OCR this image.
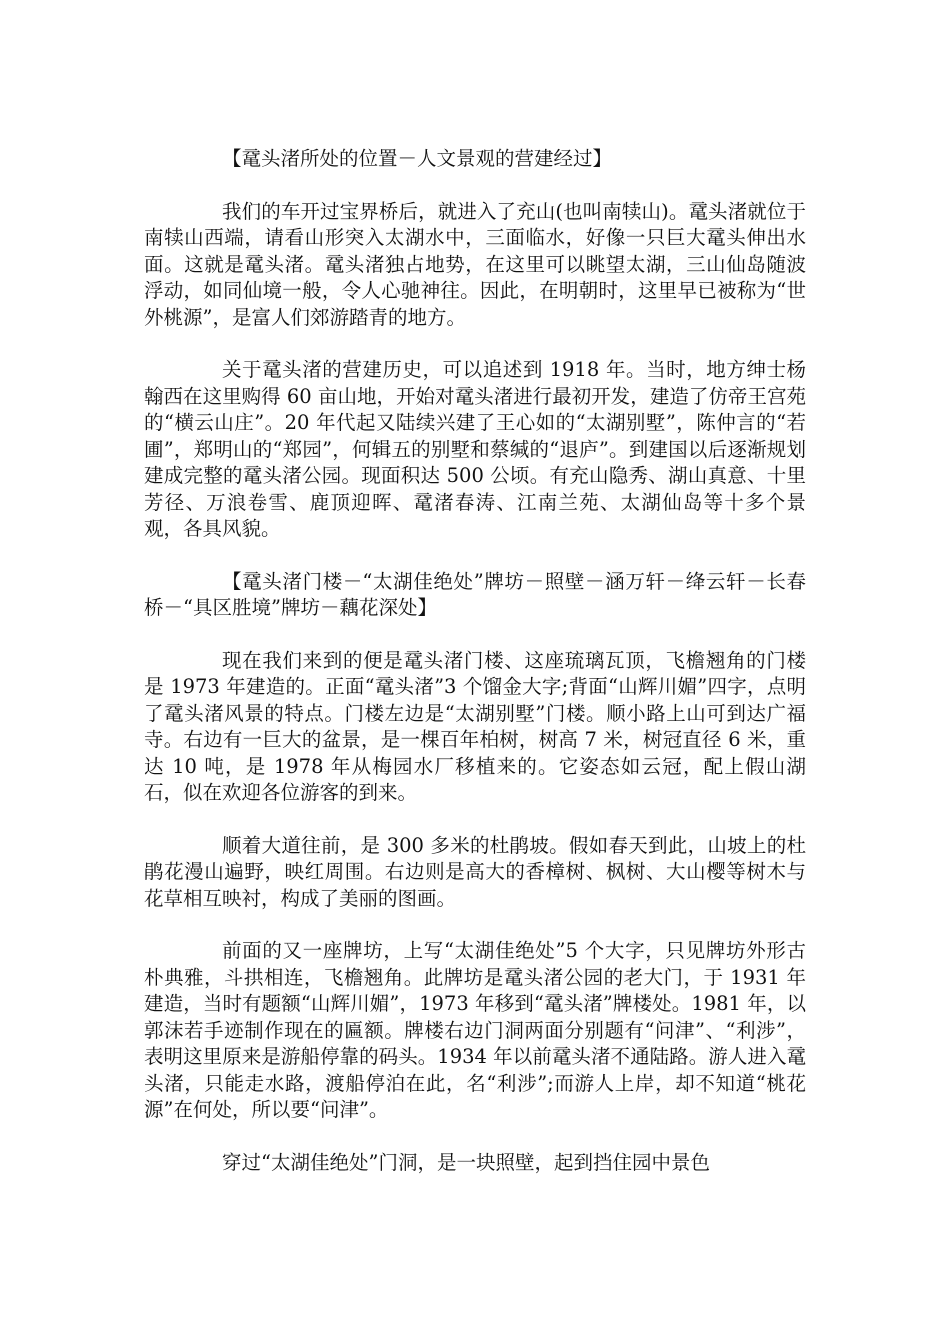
【鼋头渚所处的位置－人文景观的营建经过】

我们的车开过宝界桥后，就进入了充山(也叫南犊山)。鼋头渚就位于南犊山西端，请看山形突入太湖水中，三面临水，好像一只巨大鼋头伸出水面。这就是鼋头渚。鼋头渚独占地势，在这里可以眺望太湖，三山仙岛随波浮动，如同仙境一般，令人心驰神往。因此，在明朝时，这里早已被称为“世外桃源”，是富人们郊游踏青的地方。

关于鼋头渚的营建历史，可以追述到 1918 年。当时，地方绅士杨翰西在这里购得 60 亩山地，开始对鼋头渚进行最初开发，建造了仿帝王宫苑的“横云山庄”。20 年代起又陆续兴建了王心如的“太湖别墅”，陈仲言的“若圃”，郑明山的“郑园”，何辑五的别墅和蔡缄的“退庐”。到建国以后逐渐规划建成完整的鼋头渚公园。现面积达 500 公顷。有充山隐秀、湖山真意、十里芳径、万浪卷雪、鹿顶迎晖、鼋渚春涛、江南兰苑、太湖仙岛等十多个景观，各具风貌。

【鼋头渚门楼－“太湖佳绝处”牌坊－照壁－涵万轩－绛云轩－长春桥－“具区胜境”牌坊－藕花深处】

现在我们来到的便是鼋头渚门楼、这座琉璃瓦顶，飞檐翘角的门楼是 1973 年建造的。正面“鼋头渚”3 个馏金大字;背面“山辉川媚”四字，点明了鼋头渚风景的特点。门楼左边是“太湖别墅”门楼。顺小路上山可到达广福寺。右边有一巨大的盆景，是一棵百年柏树，树高 7 米，树冠直径 6 米，重达 10 吨，是 1978 年从梅园水厂移植来的。它姿态如云冠，配上假山湖石，似在欢迎各位游客的到来。

顺着大道往前，是 300 多米的杜鹃坡。假如春天到此，山坡上的杜鹃花漫山遍野，映红周围。右边则是高大的香樟树、枫树、大山樱等树木与花草相互映衬，构成了美丽的图画。

前面的又一座牌坊，上写“太湖佳绝处”5 个大字，只见牌坊外形古朴典雅，斗拱相连，飞檐翘角。此牌坊是鼋头渚公园的老大门，于 1931 年建造，当时有题额“山辉川媚”，1973 年移到“鼋头渚”牌楼处。1981 年，以郭沫若手迹制作现在的匾额。牌楼右边门洞两面分别题有“问津”、“利涉”，表明这里原来是游船停靠的码头。1934 年以前鼋头渚不通陆路。游人进入鼋头渚，只能走水路，渡船停泊在此，名“利涉”;而游人上岸，却不知道“桃花源”在何处，所以要“问津”。

穿过“太湖佳绝处”门洞，是一块照壁，起到挡住园中景色
